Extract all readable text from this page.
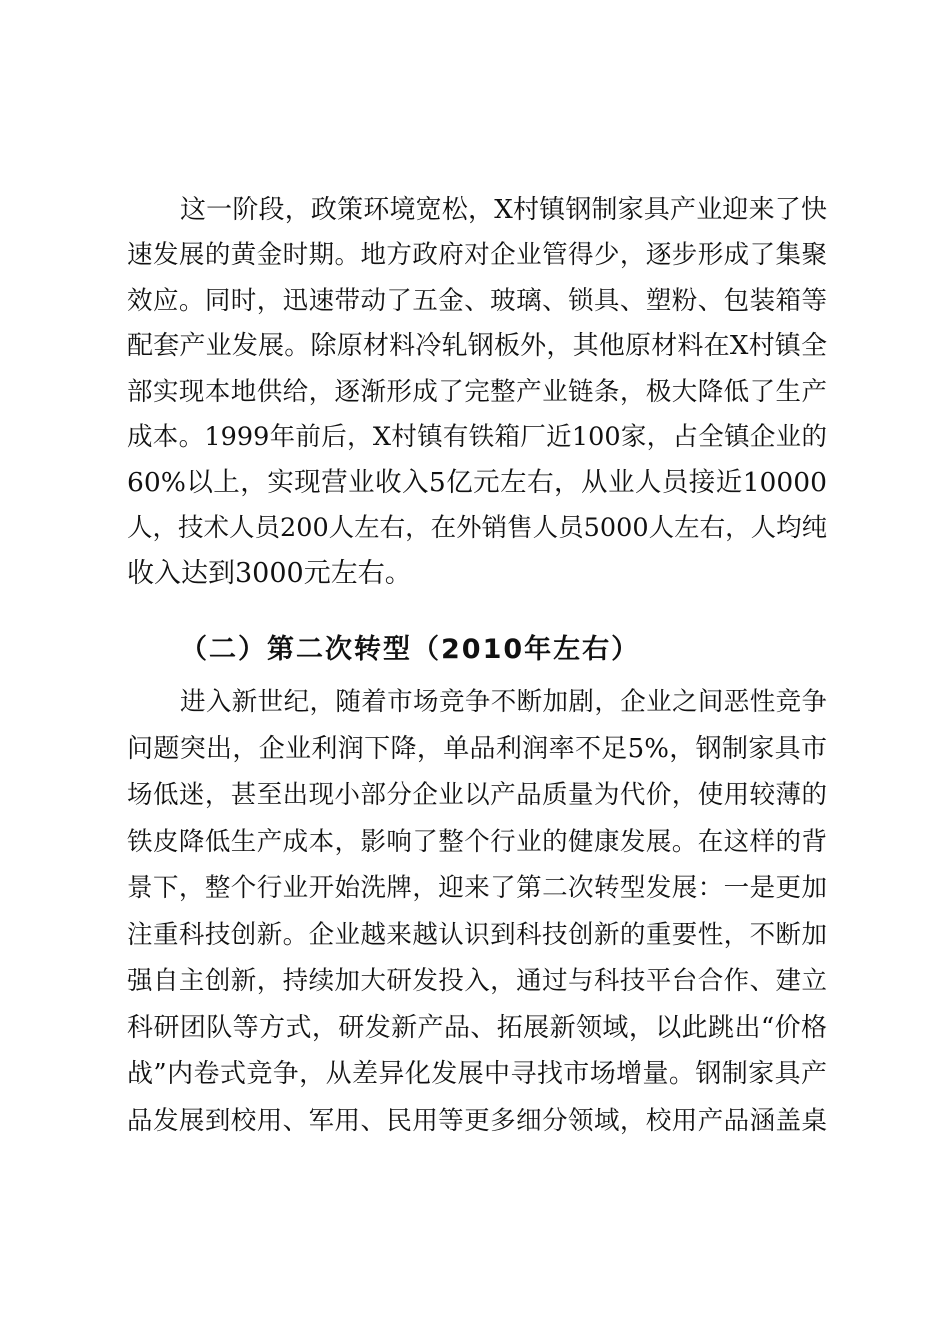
这一阶段，政策环境宽松，X村镇钢制家具产业迎来了快
速发展的黄金时期。地方政府对企业管得少，逐步形成了集聚
效应。同时，迅速带动了五金、玻璃、锁具、塑粉、包装箱等
配套产业发展。除原材料冷轧钢板外，其他原材料在X村镇全
部实现本地供给，逐渐形成了完整产业链条，极大降低了生产
成本。1999年前后，X村镇有铁箱厂近100家，占全镇企业的
60%以上，实现营业收入5亿元左右，从业人员接近10000
人，技术人员200人左右，在外销售人员5000人左右，人均纯
收入达到3000元左右。
（二）第二次转型（2010年左右）
进入新世纪，随着市场竞争不断加剧，企业之间恶性竞争
问题突出，企业利润下降，单品利润率不足5%，钢制家具市
场低迷，甚至出现小部分企业以产品质量为代价，使用较薄的
铁皮降低生产成本，影响了整个行业的健康发展。在这样的背
景下，整个行业开始洗牌，迎来了第二次转型发展：一是更加
注重科技创新。企业越来越认识到科技创新的重要性，不断加
强自主创新，持续加大研发投入，通过与科技平台合作、建立
科研团队等方式，研发新产品、拓展新领域，以此跳出“价格
战”内卷式竞争，从差异化发展中寻找市场增量。钢制家具产
品发展到校用、军用、民用等更多细分领域，校用产品涵盖桌
